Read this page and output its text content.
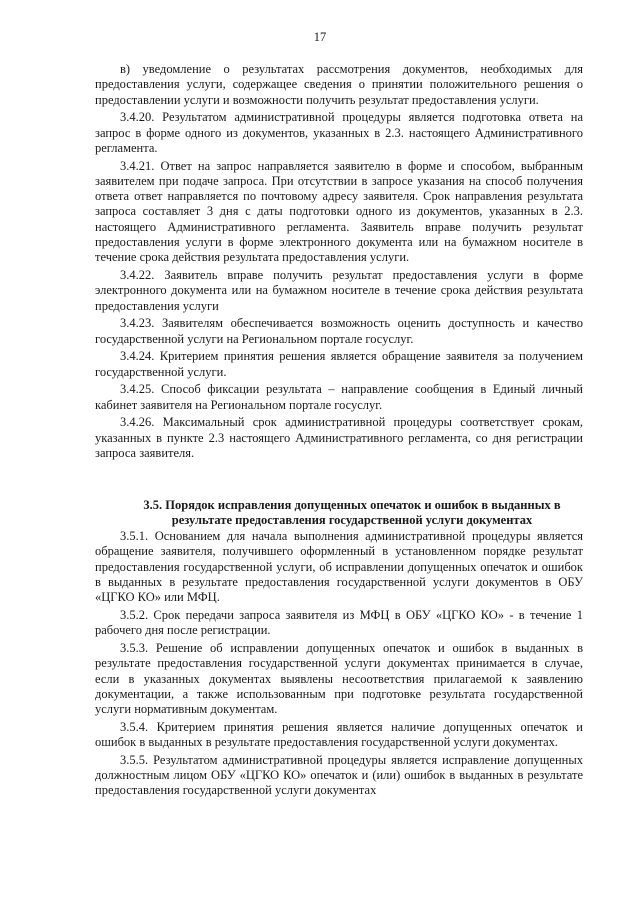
17

в) уведомление о результатах рассмотрения документов, необходимых для предоставления услуги, содержащее сведения о принятии положительного решения о предоставлении услуги и возможности получить результат предоставления услуги.

3.4.20. Результатом административной процедуры является подготовка ответа на запрос в форме одного из документов, указанных в 2.3. настоящего Административного регламента.

3.4.21. Ответ на запрос направляется заявителю в форме и способом, выбранным заявителем при подаче запроса. При отсутствии в запросе указания на способ получения ответа ответ направляется по почтовому адресу заявителя. Срок направления результата запроса составляет 3 дня с даты подготовки одного из документов, указанных в 2.3. настоящего Административного регламента. Заявитель вправе получить результат предоставления услуги в форме электронного документа или на бумажном носителе в течение срока действия результата предоставления услуги.

3.4.22. Заявитель вправе получить результат предоставления услуги в форме электронного документа или на бумажном носителе в течение срока действия результата предоставления услуги

3.4.23. Заявителям обеспечивается возможность оценить доступность и качество государственной услуги на Региональном портале госуслуг.

3.4.24. Критерием принятия решения является обращение заявителя за получением государственной услуги.

3.4.25. Способ фиксации результата – направление сообщения в Единый личный кабинет заявителя на Региональном портале госуслуг.

3.4.26. Максимальный срок административной процедуры соответствует срокам, указанных в пункте 2.3 настоящего Административного регламента, со дня регистрации запроса заявителя.

3.5. Порядок исправления допущенных опечаток и ошибок в выданных в результате предоставления государственной услуги документах

3.5.1. Основанием для начала выполнения административной процедуры является обращение заявителя, получившего оформленный в установленном порядке результат предоставления государственной услуги, об исправлении допущенных опечаток и ошибок в выданных в результате предоставления государственной услуги документов в ОБУ «ЦГКО КО» или МФЦ.

3.5.2. Срок передачи запроса заявителя из МФЦ в ОБУ «ЦГКО КО» - в течение 1 рабочего дня после регистрации.

3.5.3. Решение об исправлении допущенных опечаток и ошибок в выданных в результате предоставления государственной услуги документах принимается в случае, если в указанных документах выявлены несоответствия прилагаемой к заявлению документации, а также использованным при подготовке результата государственной услуги нормативным документам.

3.5.4. Критерием принятия решения является наличие допущенных опечаток и ошибок в выданных в результате предоставления государственной услуги документах.

3.5.5. Результатом административной процедуры является исправление допущенных должностным лицом ОБУ «ЦГКО КО» опечаток и (или) ошибок в выданных в результате предоставления государственной услуги документах
